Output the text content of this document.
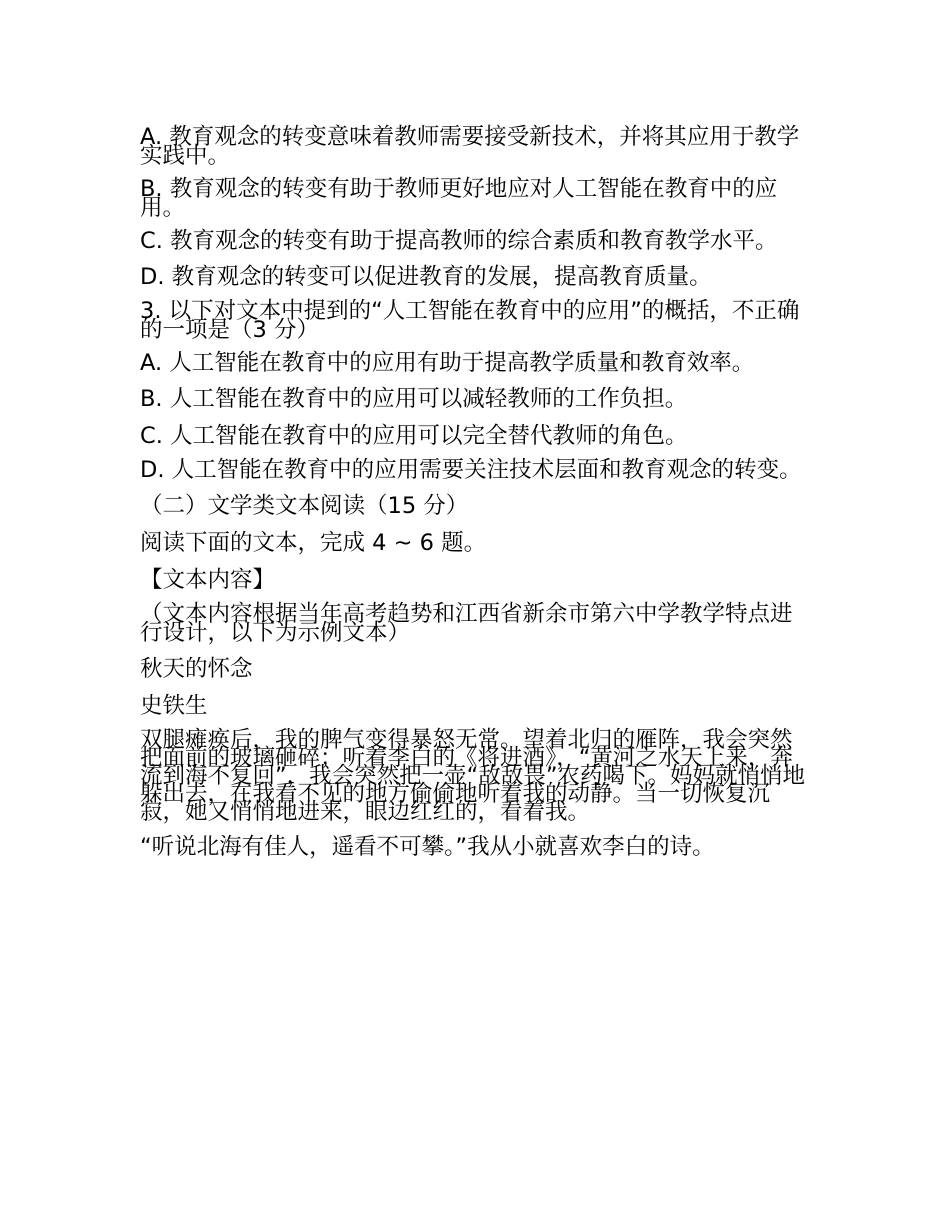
A. 教育观念的转变意味着教师需要接受新技术，并将其应用于教学实践中。

B. 教育观念的转变有助于教师更好地应对人工智能在教育中的应用。

C. 教育观念的转变有助于提高教师的综合素质和教育教学水平。

D. 教育观念的转变可以促进教育的发展，提高教育质量。

3. 以下对文本中提到的“人工智能在教育中的应用”的概括，不正确的一项是（3 分）

A. 人工智能在教育中的应用有助于提高教学质量和教育效率。

B. 人工智能在教育中的应用可以减轻教师的工作负担。

C. 人工智能在教育中的应用可以完全替代教师的角色。

D. 人工智能在教育中的应用需要关注技术层面和教育观念的转变。

（二）文学类文本阅读（15 分）

阅读下面的文本，完成 4 ~ 6 题。

【文本内容】

（文本内容根据当年高考趋势和江西省新余市第六中学教学特点进行设计，以下为示例文本）

秋天的怀念

史铁生

双腿瘫痪后，我的脾气变得暴怒无常。望着北归的雁阵，我会突然把面前的玻璃砸碎；听着李白的《将进酒》，“黄河之水天上来，奔流到海不复回”，我会突然把一壶“敌敌畏”农药喝下。妈妈就悄悄地躲出去，在我看不见的地方偷偷地听着我的动静。当一切恢复沉寂，她又悄悄地进来，眼边红红的，看着我。

“听说北海有佳人，遥看不可攀。”我从小就喜欢李白的诗。
